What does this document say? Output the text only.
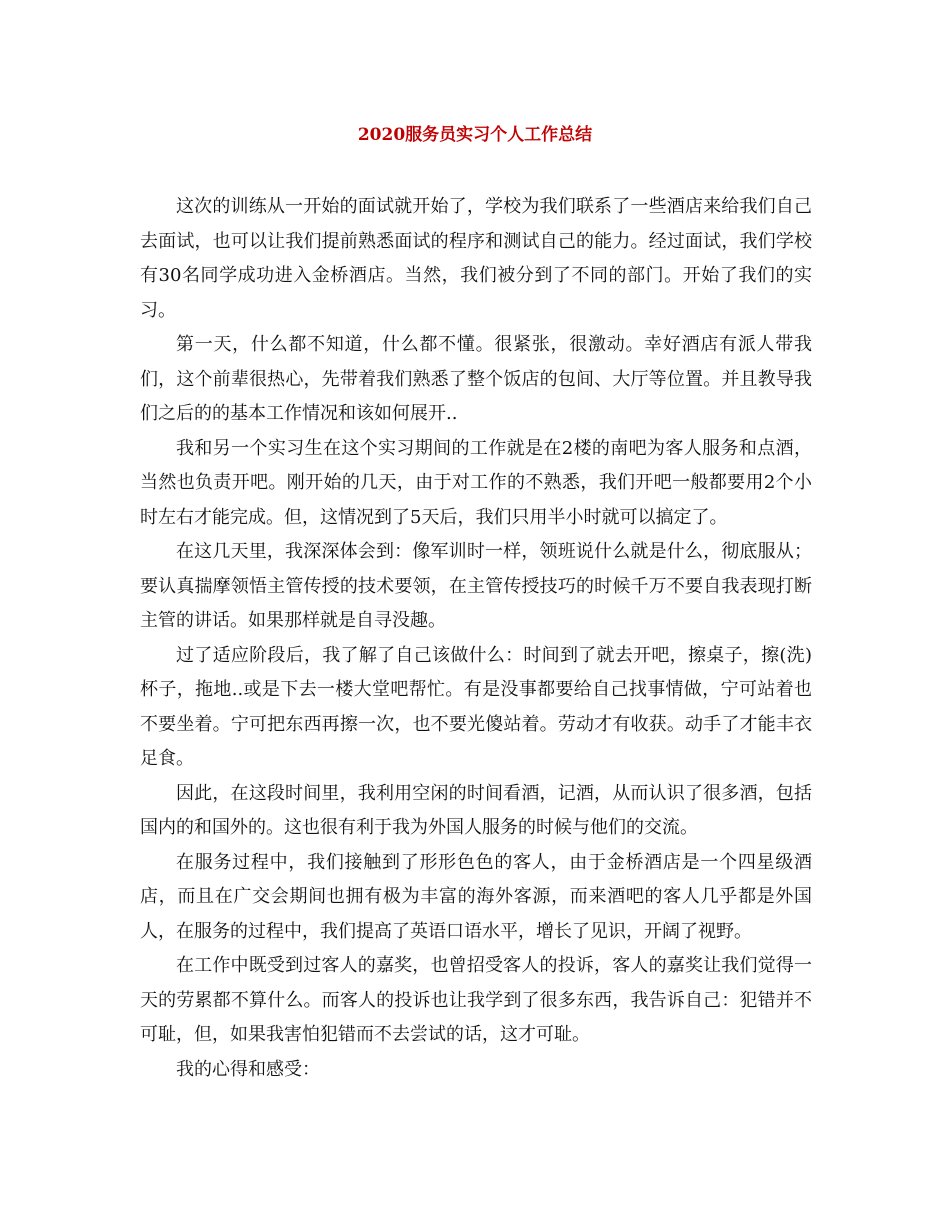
2020服务员实习个人工作总结

这次的训练从一开始的面试就开始了，学校为我们联系了一些酒店来给我们自己去面试，也可以让我们提前熟悉面试的程序和测试自己的能力。经过面试，我们学校有30名同学成功进入金桥酒店。当然，我们被分到了不同的部门。开始了我们的实习。

第一天，什么都不知道，什么都不懂。很紧张，很激动。幸好酒店有派人带我们，这个前辈很热心，先带着我们熟悉了整个饭店的包间、大厅等位置。并且教导我们之后的的基本工作情况和该如何展开..

我和另一个实习生在这个实习期间的工作就是在2楼的南吧为客人服务和点酒，当然也负责开吧。刚开始的几天，由于对工作的不熟悉，我们开吧一般都要用2个小时左右才能完成。但，这情况到了5天后，我们只用半小时就可以搞定了。

在这几天里，我深深体会到：像军训时一样，领班说什么就是什么，彻底服从；要认真揣摩领悟主管传授的技术要领，在主管传授技巧的时候千万不要自我表现打断主管的讲话。如果那样就是自寻没趣。

过了适应阶段后，我了解了自己该做什么：时间到了就去开吧，擦桌子，擦(洗)杯子，拖地..或是下去一楼大堂吧帮忙。有是没事都要给自己找事情做，宁可站着也不要坐着。宁可把东西再擦一次，也不要光傻站着。劳动才有收获。动手了才能丰衣足食。

因此，在这段时间里，我利用空闲的时间看酒，记酒，从而认识了很多酒，包括国内的和国外的。这也很有利于我为外国人服务的时候与他们的交流。

在服务过程中，我们接触到了形形色色的客人，由于金桥酒店是一个四星级酒店，而且在广交会期间也拥有极为丰富的海外客源，而来酒吧的客人几乎都是外国人，在服务的过程中，我们提高了英语口语水平，增长了见识，开阔了视野。

在工作中既受到过客人的嘉奖，也曾招受客人的投诉，客人的嘉奖让我们觉得一天的劳累都不算什么。而客人的投诉也让我学到了很多东西，我告诉自己：犯错并不可耻，但，如果我害怕犯错而不去尝试的话，这才可耻。

我的心得和感受：
